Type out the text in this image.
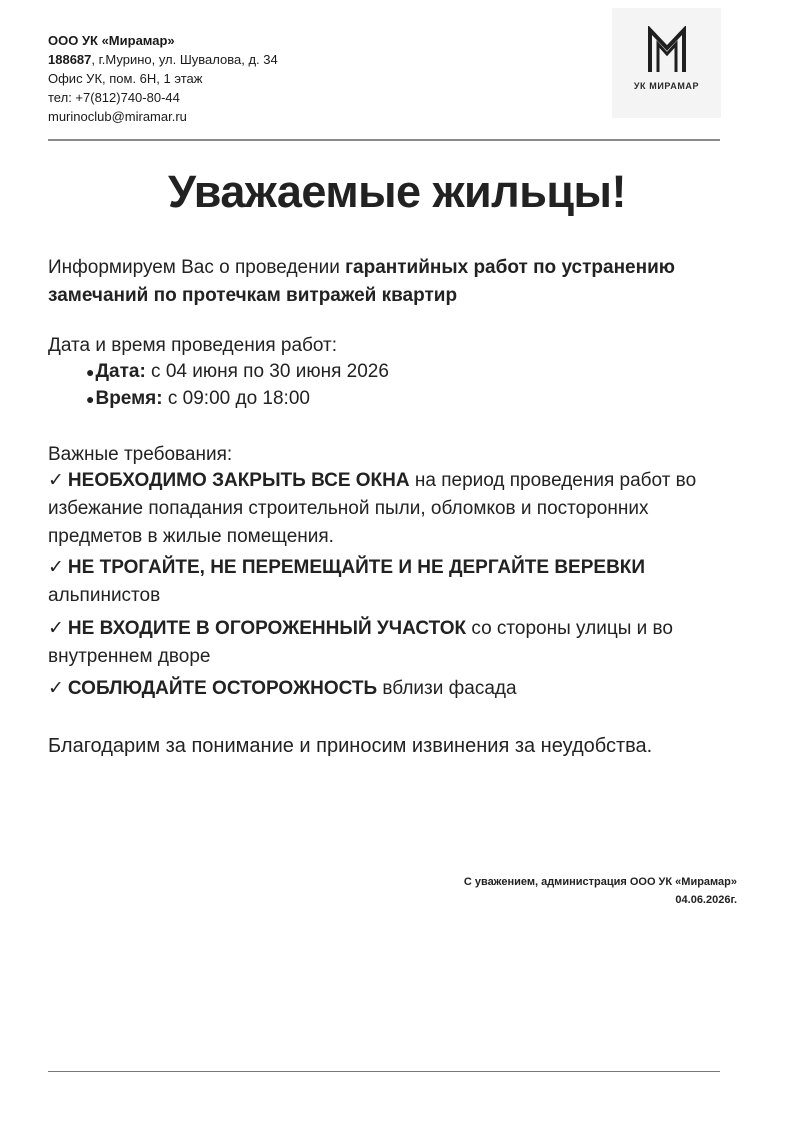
ООО УК «Мирамар»
188687, г.Мурино, ул. Шувалова, д. 34
Офис УК, пом. 6Н, 1 этаж
тел: +7(812)740-80-44
murinoclub@miramar.ru
УК МИРАМАР
Уважаемые жильцы!
Информируем Вас о проведении гарантийных работ по устранению замечаний по протечкам витражей квартир
Дата и время проведения работ:
●Дата: с 04 июня по 30 июня 2026
●Время: с 09:00 до 18:00
Важные требования:
✓ НЕОБХОДИМО ЗАКРЫТЬ ВСЕ ОКНА на период проведения работ во избежание попадания строительной пыли, обломков и посторонних предметов в жилые помещения.
✓ НЕ ТРОГАЙТЕ, НЕ ПЕРЕМЕЩАЙТЕ И НЕ ДЕРГАЙТЕ ВЕРЕВКИ
альпинистов
✓ НЕ ВХОДИТЕ В ОГОРОЖЕННЫЙ УЧАСТОК со стороны улицы и во внутреннем дворе
✓ СОБЛЮДАЙТЕ ОСТОРОЖНОСТЬ вблизи фасада
Благодарим за понимание и приносим извинения за неудобства.
С уважением, администрация ООО УК «Мирамар»
04.06.2026г.
